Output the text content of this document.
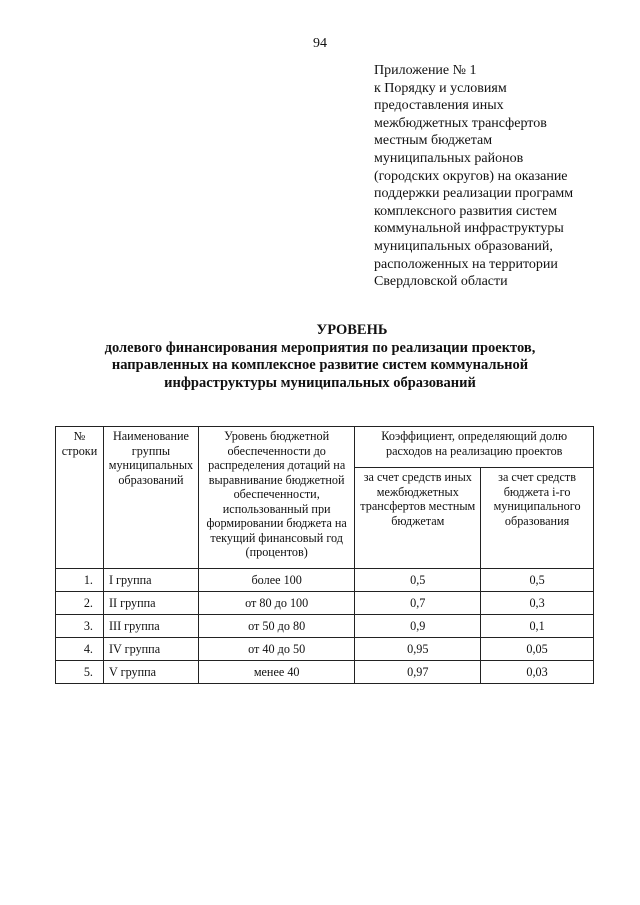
94
Приложение № 1
к Порядку и условиям
предоставления иных
межбюджетных трансфертов
местным бюджетам
муниципальных районов
(городских округов) на оказание
поддержки реализации программ
комплексного развития систем
коммунальной инфраструктуры
муниципальных образований,
расположенных на территории
Свердловской области
УРОВЕНЬ
долевого финансирования мероприятия по реализации проектов,
направленных на комплексное развитие систем коммунальной
инфраструктуры муниципальных образований
№ строки	Наименование группы муниципальных образований	Уровень бюджетной обеспеченности до распределения дотаций на выравнивание бюджетной обеспеченности, использованный при формировании бюджета на текущий финансовый год (процентов)	Коэффициент, определяющий долю расходов на реализацию проектов	
			за счет средств иных межбюджетных трансфертов местным бюджетам	за счет средств бюджета i-го муниципального образования
1.	I группа	более 100	0,5	0,5
2.	II группа	от 80 до 100	0,7	0,3
3.	III группа	от 50 до 80	0,9	0,1
4.	IV группа	от 40 до 50	0,95	0,05
5.	V группа	менее 40	0,97	0,03
